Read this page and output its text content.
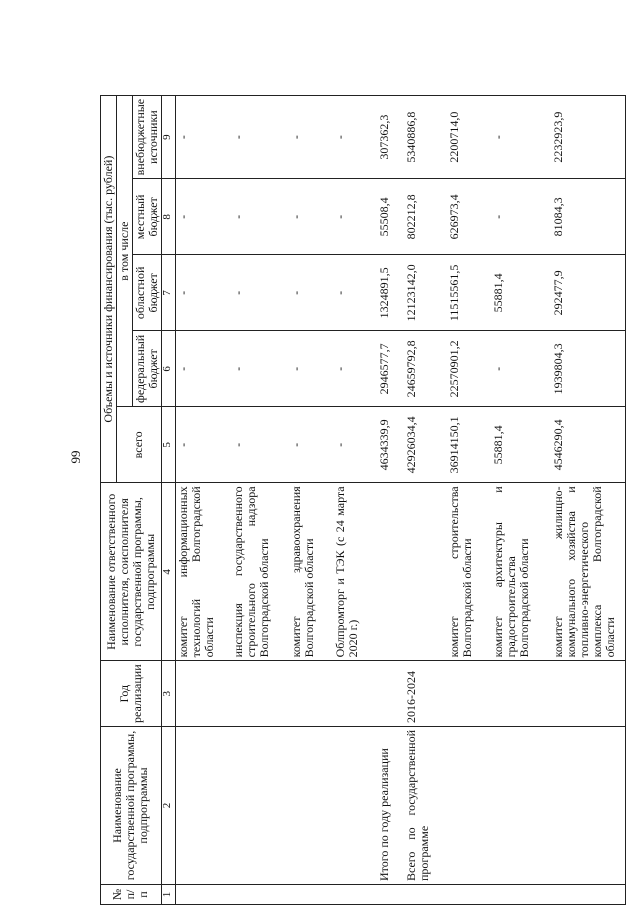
99
№ п/п	Наименование государственной программы, подпрограммы	Год реализации	Наименование ответственного исполнителя, соисполнителя государственной программы, подпрограммы	Объемы и источники финансирования (тыс. рублей)				
				всего	в том числе			
					федеральный бюджет	областной бюджет	местный бюджет	внебюджетные источники
1	2	3	4	5	6	7	8	9
			комитет информационных технологий Волгоградской области	-	-	-	-	-
			инспекция государственного строительного надзора Волгоградской области	-	-	-	-	-
			комитет здравоохранения Волгоградской области	-	-	-	-	-
			Облпромторг и ТЭК (с 24 марта 2020 г.)	-	-	-	-	-
	Итого по году реализации			4634339,9	2946577,7	1324891,5	55508,4	307362,3
	Всего по государственной программе	2016-2024		42926034,4	24659792,8	12123142,0	802212,8	5340886,8
			комитет строительства Волгоградской области	36914150,1	22570901,2	11515561,5	626973,4	2200714,0
			комитет архитектуры и градостроительства Волгоградской области	55881,4	-	55881,4	-	-
			комитет жилищно-коммунального хозяйства и топливно-энергетического комплекса Волгоградской области	4546290,4	1939804,3	292477,9	81084,3	2232923,9
